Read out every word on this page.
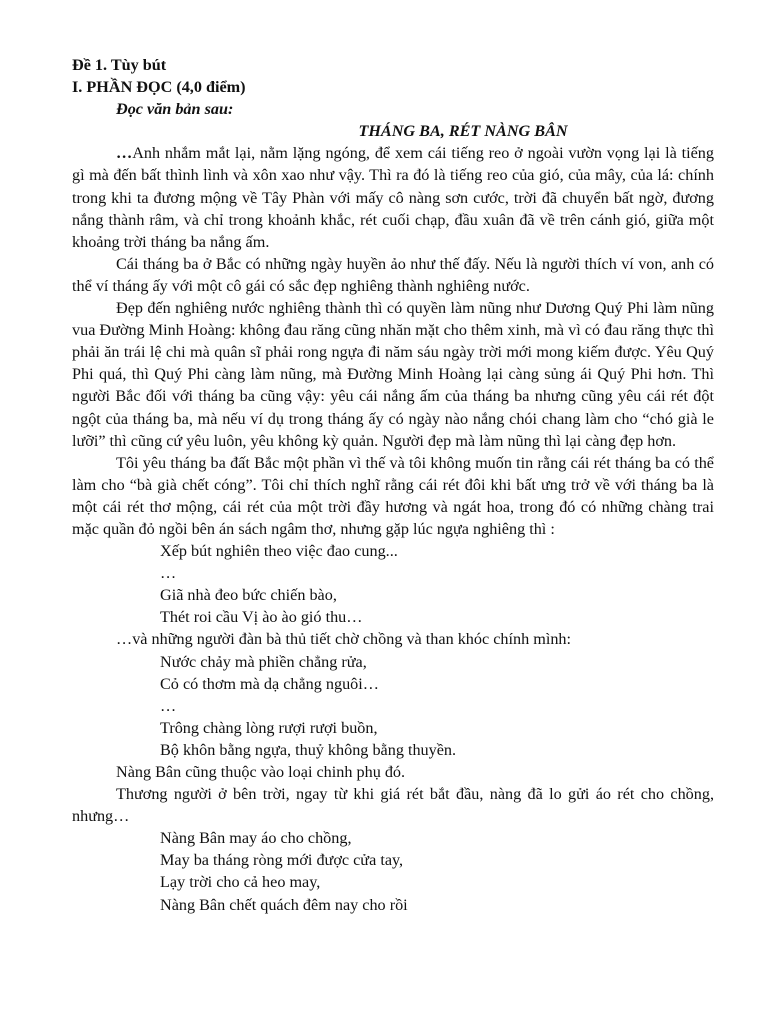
Đề 1. Tùy bút
I. PHẦN ĐỌC (4,0 điểm)
Đọc văn bản sau:
THÁNG BA, RÉT NÀNG BÂN

…Anh nhắm mắt lại, nằm lặng ngóng, để xem cái tiếng reo ở ngoài vườn vọng lại là tiếng gì mà đến bất thình lình và xôn xao như vậy. Thì ra đó là tiếng reo của gió, của mây, của lá: chính trong khi ta đương mộng về Tây Phàn với mấy cô nàng sơn cước, trời đã chuyển bất ngờ, đương nắng thành râm, và chỉ trong khoảnh khắc, rét cuối chạp, đầu xuân đã về trên cánh gió, giữa một khoảng trời tháng ba nắng ấm.

Cái tháng ba ở Bắc có những ngày huyền ảo như thế đấy. Nếu là người thích ví von, anh có thể ví tháng ấy với một cô gái có sắc đẹp nghiêng thành nghiêng nước.

Đẹp đến nghiêng nước nghiêng thành thì có quyền làm nũng như Dương Quý Phi làm nũng vua Đường Minh Hoàng: không đau răng cũng nhăn mặt cho thêm xinh, mà vì có đau răng thực thì phải ăn trái lệ chi mà quân sĩ phải rong ngựa đi năm sáu ngày trời mới mong kiếm được. Yêu Quý Phi quá, thì Quý Phi càng làm nũng, mà Đường Minh Hoàng lại càng sủng ái Quý Phi hơn. Thì người Bắc đối với tháng ba cũng vậy: yêu cái nắng ấm của tháng ba nhưng cũng yêu cái rét đột ngột của tháng ba, mà nếu ví dụ trong tháng ấy có ngày nào nắng chói chang làm cho “chó già le lưỡi” thì cũng cứ yêu luôn, yêu không kỳ quản. Người đẹp mà làm nũng thì lại càng đẹp hơn.

Tôi yêu tháng ba đất Bắc một phần vì thế và tôi không muốn tin rằng cái rét tháng ba có thể làm cho “bà già chết cóng”. Tôi chỉ thích nghĩ rằng cái rét đôi khi bất ưng trở về với tháng ba là một cái rét thơ mộng, cái rét của một trời đầy hương và ngát hoa, trong đó có những chàng trai mặc quần đỏ ngồi bên án sách ngâm thơ, nhưng gặp lúc ngựa nghiêng thì :

Xếp bút nghiên theo việc đao cung...

…

Giã nhà đeo bức chiến bào,

Thét roi cầu Vị ào ào gió thu…

…và những người đàn bà thủ tiết chờ chồng và than khóc chính mình:

Nước chảy mà phiền chẳng rửa,

Cỏ có thơm mà dạ chẳng nguôi…

…

Trông chàng lòng rượi rượi buồn,

Bộ khôn bằng ngựa, thuỷ không bằng thuyền.

Nàng Bân cũng thuộc vào loại chinh phụ đó.

Thương người ở bên trời, ngay từ khi giá rét bắt đầu, nàng đã lo gửi áo rét cho chồng, nhưng…

Nàng Bân may áo cho chồng,

May ba tháng ròng mới được cửa tay,

Lạy trời cho cả heo may,

Nàng Bân chết quách đêm nay cho rồi
